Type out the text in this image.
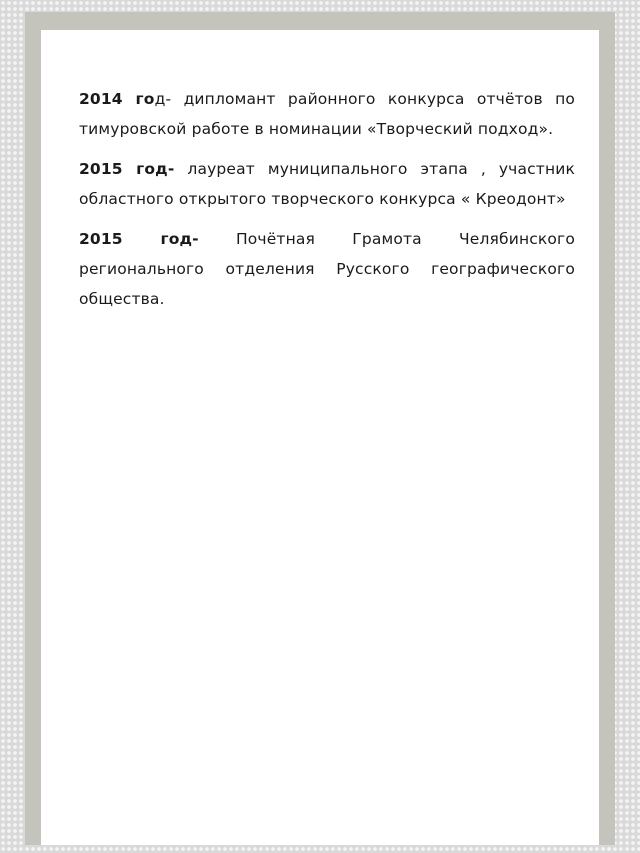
2014 год- дипломант районного конкурса отчётов по тимуровской работе в номинации «Творческий подход».

2015 год- лауреат муниципального этапа , участник областного открытого творческого конкурса « Креодонт»

2015 год- Почётная Грамота Челябинского регионального отделения Русского географического общества.
